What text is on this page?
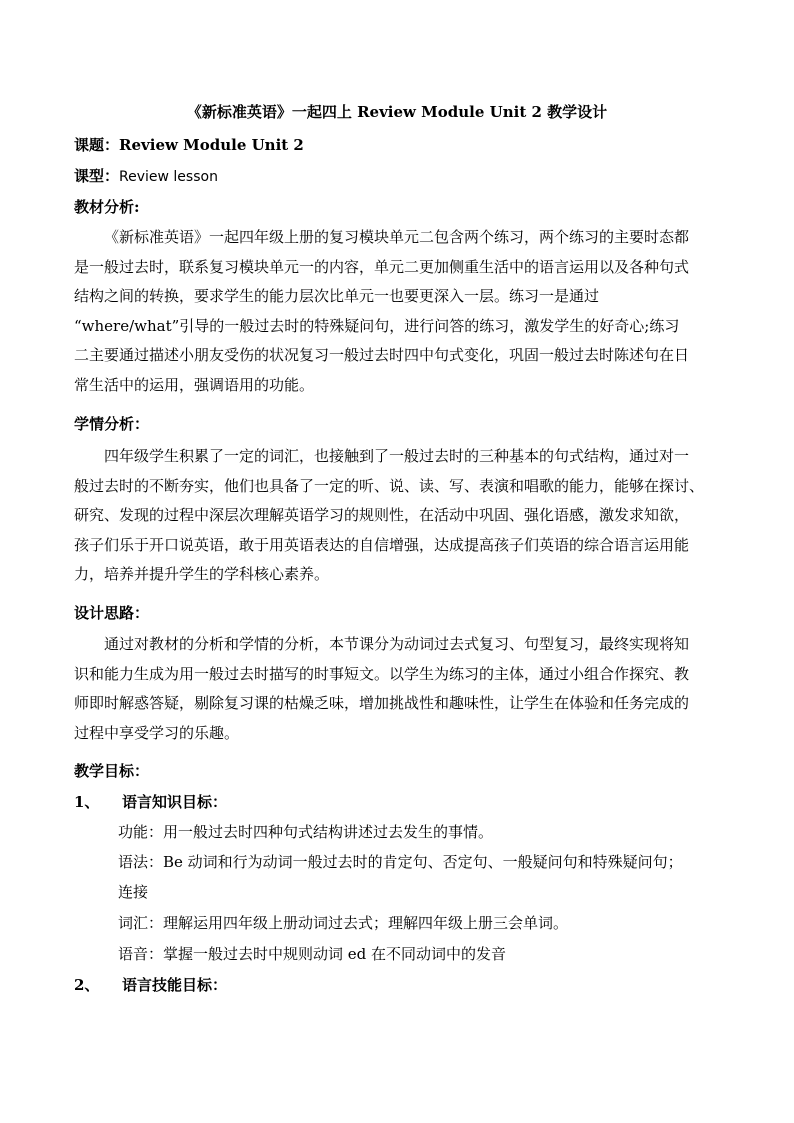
《新标准英语》一起四上 Review Module Unit 2 教学设计
课题：Review Module Unit 2
课型：Review lesson
教材分析:
《新标准英语》一起四年级上册的复习模块单元二包含两个练习，两个练习的主要时态都
是一般过去时，联系复习模块单元一的内容，单元二更加侧重生活中的语言运用以及各种句式
结构之间的转换，要求学生的能力层次比单元一也要更深入一层。练习一是通过
“where/what”引导的一般过去时的特殊疑问句，进行问答的练习，激发学生的好奇心;练习
二主要通过描述小朋友受伤的状况复习一般过去时四中句式变化，巩固一般过去时陈述句在日
常生活中的运用，强调语用的功能。
学情分析：
四年级学生积累了一定的词汇，也接触到了一般过去时的三种基本的句式结构，通过对一
般过去时的不断夯实，他们也具备了一定的听、说、读、写、表演和唱歌的能力，能够在探讨、
研究、发现的过程中深层次理解英语学习的规则性，在活动中巩固、强化语感，激发求知欲，
孩子们乐于开口说英语，敢于用英语表达的自信增强，达成提高孩子们英语的综合语言运用能
力，培养并提升学生的学科核心素养。
设计思路：
通过对教材的分析和学情的分析，本节课分为动词过去式复习、句型复习，最终实现将知
识和能力生成为用一般过去时描写的时事短文。以学生为练习的主体，通过小组合作探究、教
师即时解惑答疑，剔除复习课的枯燥乏味，增加挑战性和趣味性，让学生在体验和任务完成的
过程中享受学习的乐趣。
教学目标：
1、 语言知识目标：
功能：用一般过去时四种句式结构讲述过去发生的事情。
语法：Be 动词和行为动词一般过去时的肯定句、否定句、一般疑问句和特殊疑问句；
连接
词汇：理解运用四年级上册动词过去式；理解四年级上册三会单词。
语音：掌握一般过去时中规则动词 ed 在不同动词中的发音
2、 语言技能目标：
